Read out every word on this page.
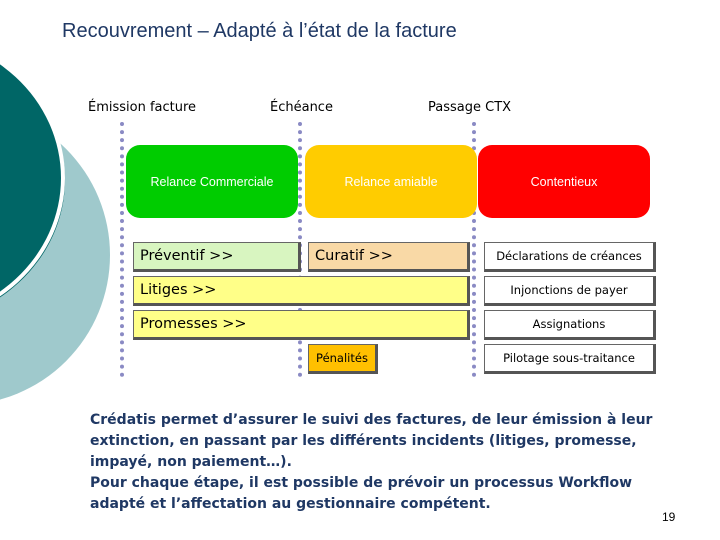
Recouvrement – Adapté à l’état de la facture
Émission facture	Échéance	Passage CTX
Relance Commerciale	Relance amiable	Contentieux
Préventif >>	Curatif >>
Litiges >>
Promesses >>
Pénalités
Déclarations de créances
Injonctions de payer
Assignations
Pilotage sous-traitance
Crédatis permet d’assurer le suivi des factures, de leur émission à leur
extinction, en passant par les différents incidents (litiges, promesse,
impayé, non paiement…).
Pour chaque étape, il est possible de prévoir un processus Workflow
adapté et l’affectation au gestionnaire compétent.
19
